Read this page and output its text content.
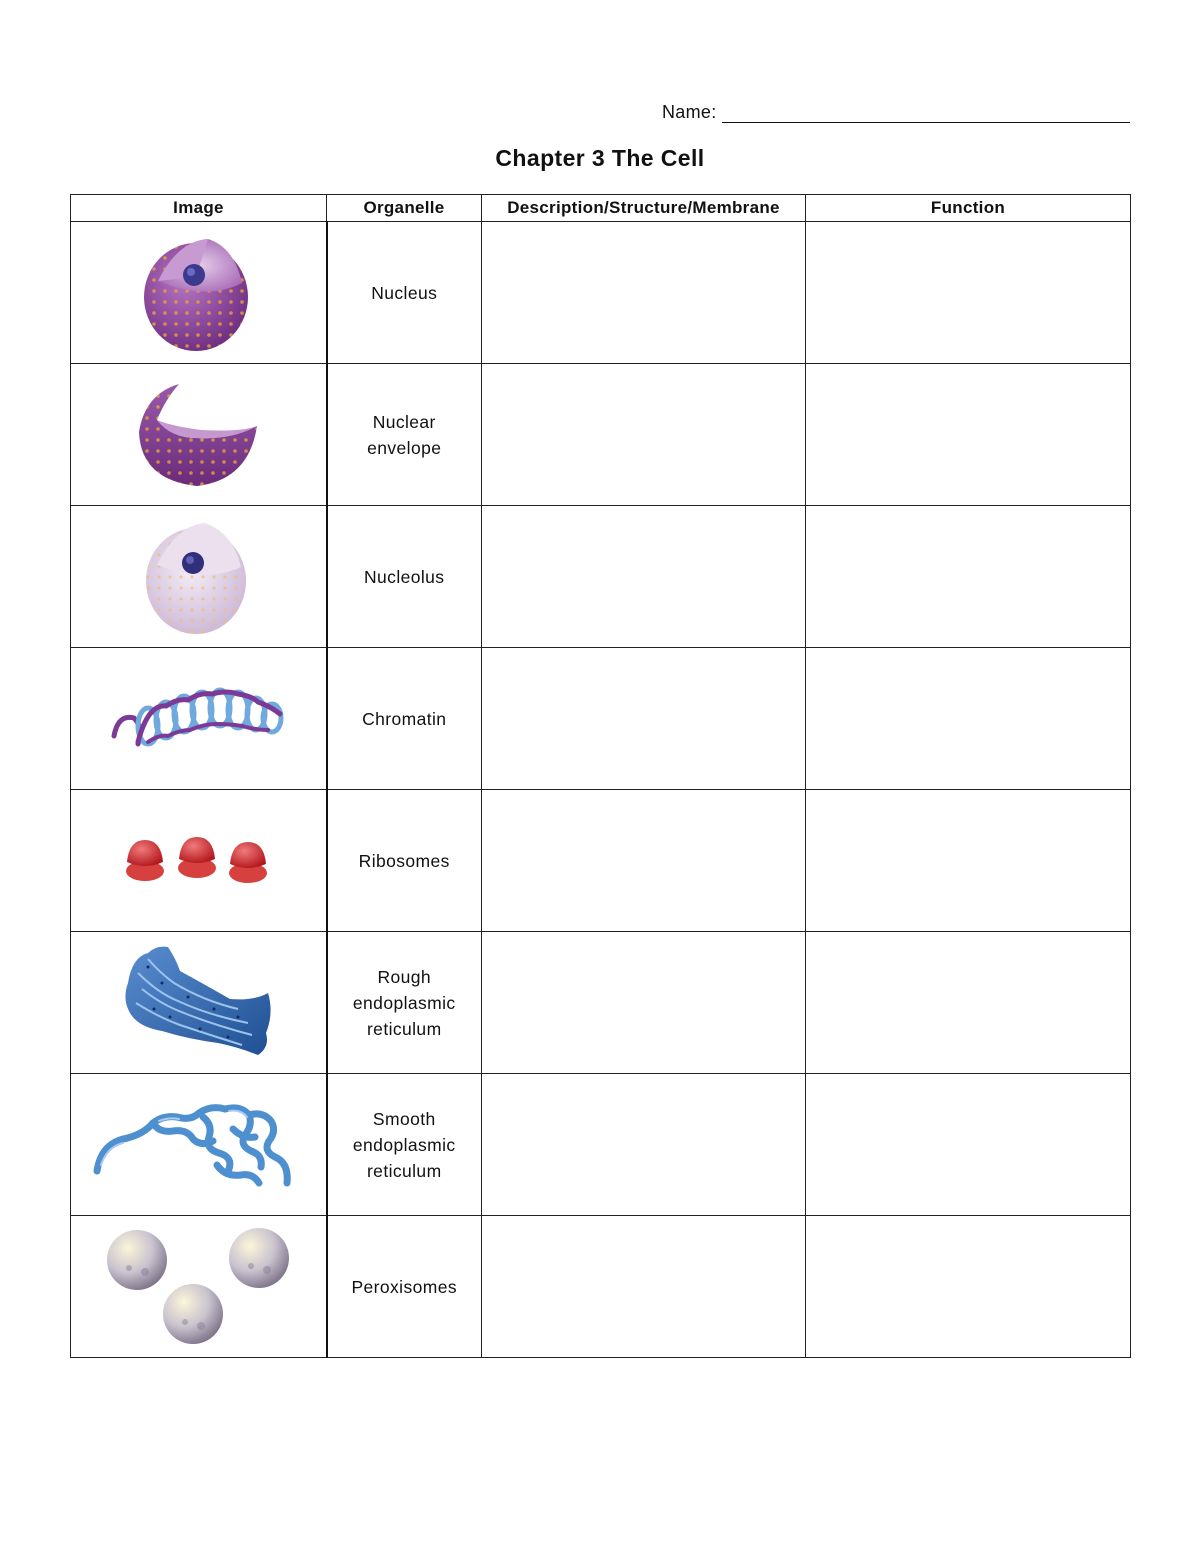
Name:
Chapter 3 The Cell
Image	Organelle	Description/Structure/Membrane	Function

	Nucleus		

	Nuclear envelope		

	Nucleolus		

	Chromatin		

	Ribosomes		

	Rough endoplasmic reticulum		

	Smooth endoplasmic reticulum		

	Peroxisomes		
